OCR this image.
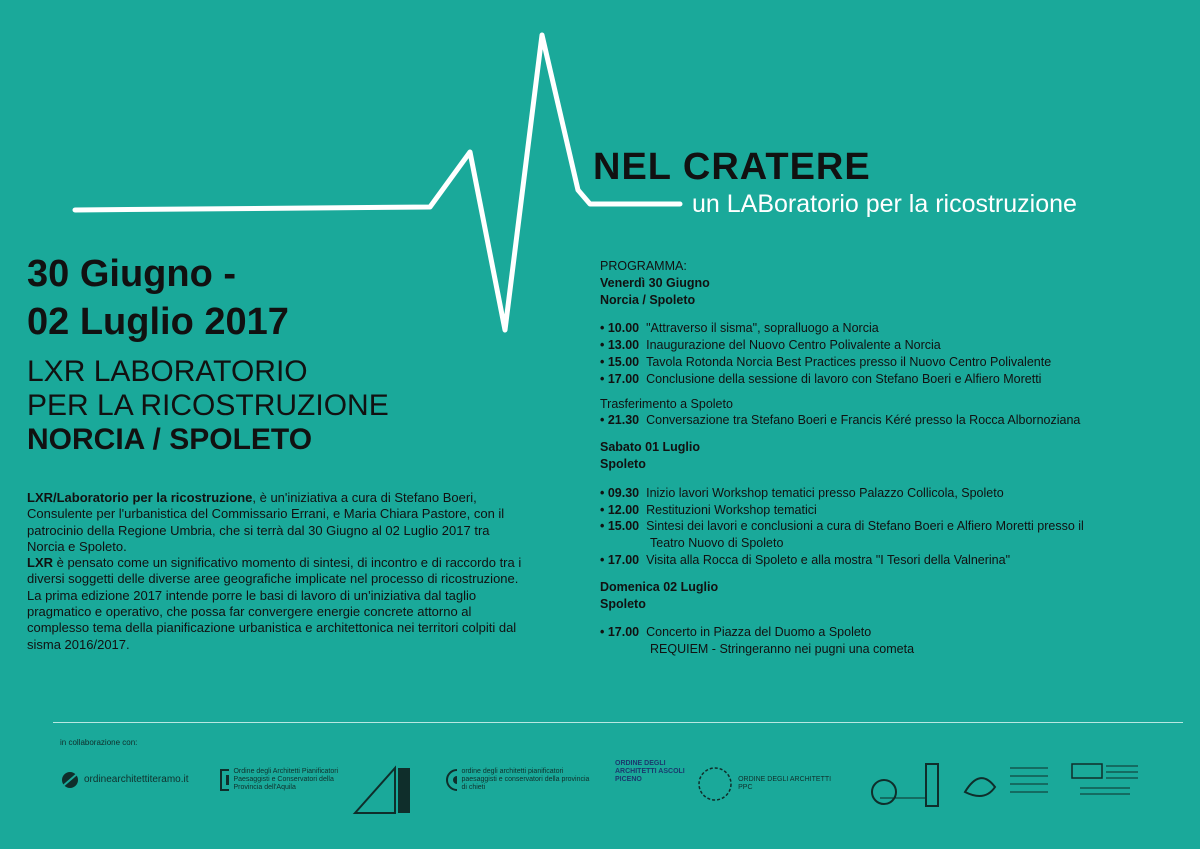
NEL CRATERE
un LABoratorio per la ricostruzione
30 Giugno -
02 Luglio 2017
LXR LABORATORIO
PER LA RICOSTRUZIONE
NORCIA / SPOLETO
LXR/Laboratorio per la ricostruzione, è un'iniziativa a cura di Stefano Boeri, Consulente per l'urbanistica del Commissario Errani, e Maria Chiara Pastore, con il patrocinio della Regione Umbria, che si terrà dal 30 Giugno al 02 Luglio 2017 tra Norcia e Spoleto.
LXR è pensato come un significativo momento di sintesi, di incontro e di raccordo tra i diversi soggetti delle diverse aree geografiche implicate nel processo di ricostruzione. La prima edizione 2017 intende porre le basi di lavoro di un'iniziativa dal taglio pragmatico e operativo, che possa far convergere energie concrete attorno al complesso tema della pianificazione urbanistica e architettonica nei territori colpiti dal sisma 2016/2017.
PROGRAMMA:
Venerdì 30 Giugno
Norcia / Spoleto
• 10.00 "Attraverso il sisma", sopralluogo a Norcia
• 13.00 Inaugurazione del Nuovo Centro Polivalente a Norcia
• 15.00 Tavola Rotonda Norcia Best Practices presso il Nuovo Centro Polivalente
• 17.00 Conclusione della sessione di lavoro con Stefano Boeri e Alfiero Moretti
Trasferimento a Spoleto
• 21.30 Conversazione tra Stefano Boeri e Francis Kéré presso la Rocca Albornoziana
Sabato 01 Luglio
Spoleto
• 09.30 Inizio lavori Workshop tematici presso Palazzo Collicola, Spoleto
• 12.00 Restituzioni Workshop tematici
• 15.00 Sintesi dei lavori e conclusioni a cura di Stefano Boeri e Alfiero Moretti presso il
Teatro Nuovo di Spoleto
• 17.00 Visita alla Rocca di Spoleto e alla mostra "I Tesori della Valnerina"
Domenica 02 Luglio
Spoleto
• 17.00 Concerto in Piazza del Duomo a Spoleto
REQUIEM - Stringeranno nei pugni una cometa
in collaborazione con:
ordinearchitettiteramo.it
Ordine degli Architetti Pianificatori Paesaggisti e Conservatori della Provincia dell'Aquila
ordine degli architetti pianificatori paesaggisti e conservatori della provincia di chieti
ORDINE DEGLI ARCHITETTI ASCOLI PICENO	ORDINE DEGLI ARCHITETTI PPC
